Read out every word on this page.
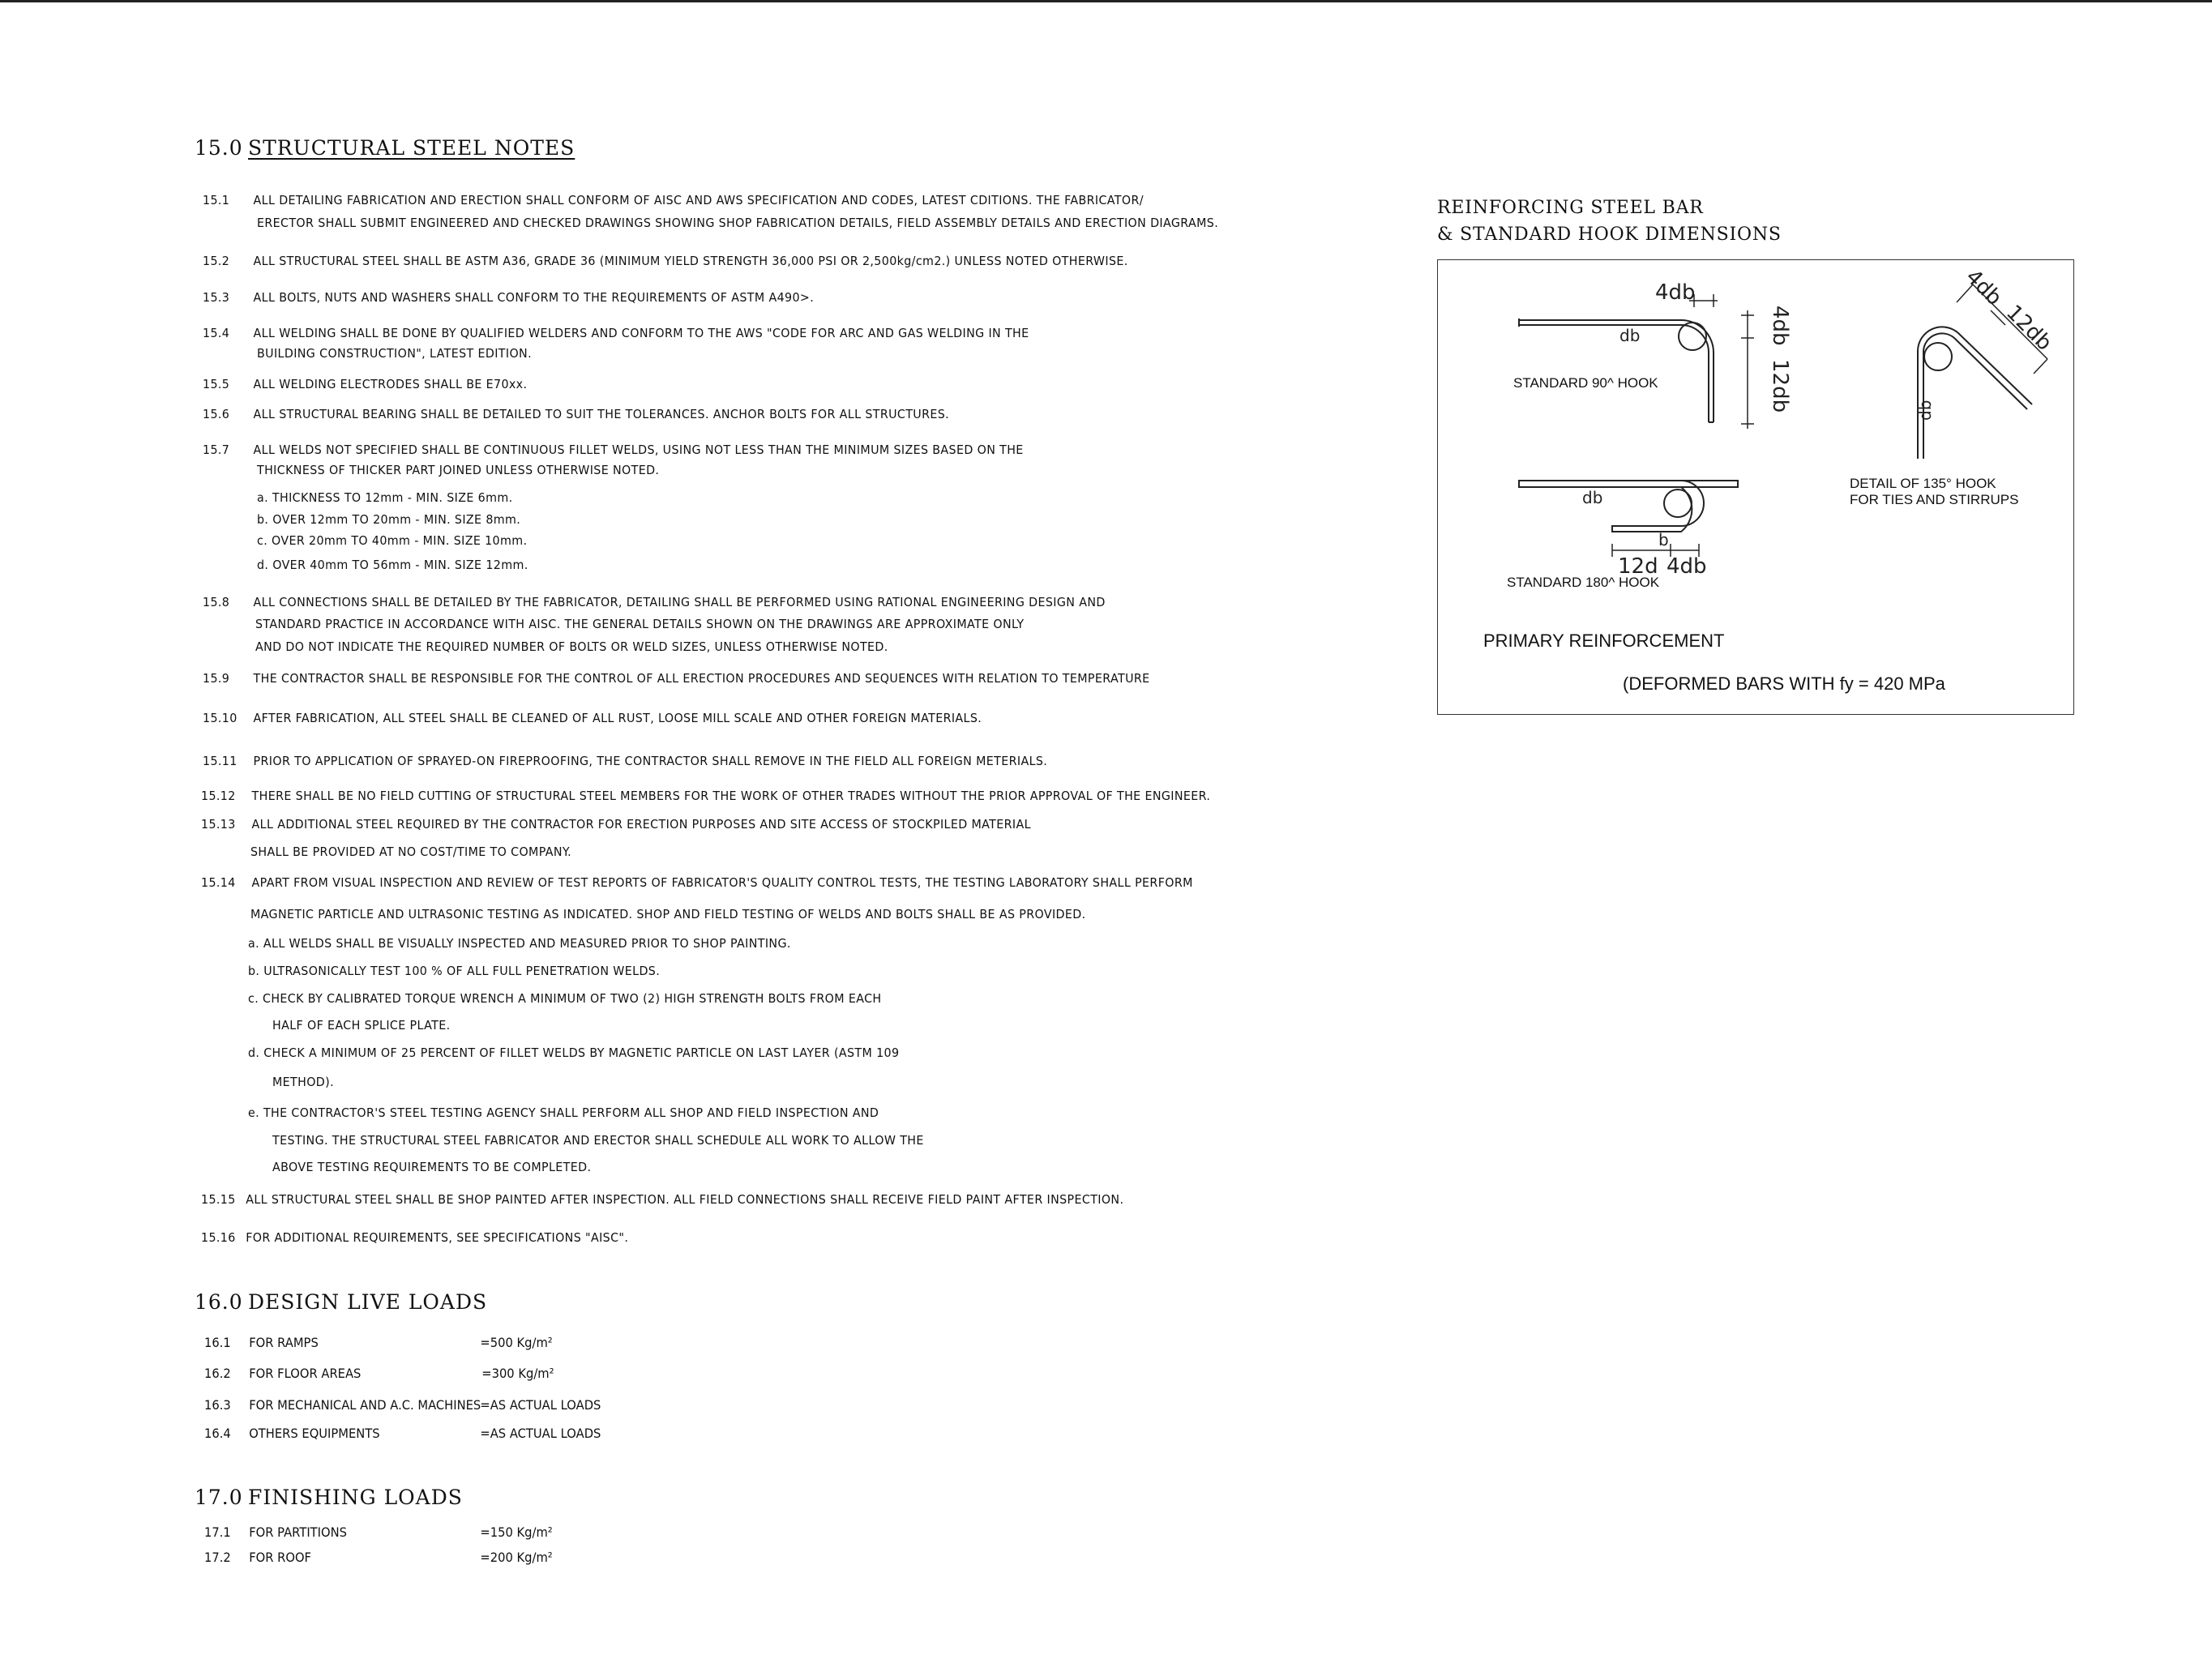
15.0 STRUCTURAL STEEL NOTES
15.1 ALL DETAILING FABRICATION AND ERECTION SHALL CONFORM OF AISC AND AWS SPECIFICATION AND CODES, LATEST CDITIONS. THE FABRICATOR/
ERECTOR SHALL SUBMIT ENGINEERED AND CHECKED DRAWINGS SHOWING SHOP FABRICATION DETAILS, FIELD ASSEMBLY DETAILS AND ERECTION DIAGRAMS.
15.2 ALL STRUCTURAL STEEL SHALL BE ASTM A36, GRADE 36 (MINIMUM YIELD STRENGTH 36,000 PSI OR 2,500kg/cm2.) UNLESS NOTED OTHERWISE.
15.3 ALL BOLTS, NUTS AND WASHERS SHALL CONFORM TO THE REQUIREMENTS OF ASTM A490>.
15.4 ALL WELDING SHALL BE DONE BY QUALIFIED WELDERS AND CONFORM TO THE AWS "CODE FOR ARC AND GAS WELDING IN THE
BUILDING CONSTRUCTION", LATEST EDITION.
15.5 ALL WELDING ELECTRODES SHALL BE E70xx.
15.6 ALL STRUCTURAL BEARING SHALL BE DETAILED TO SUIT THE TOLERANCES. ANCHOR BOLTS FOR ALL STRUCTURES.
15.7 ALL WELDS NOT SPECIFIED SHALL BE CONTINUOUS FILLET WELDS, USING NOT LESS THAN THE MINIMUM SIZES BASED ON THE
THICKNESS OF THICKER PART JOINED UNLESS OTHERWISE NOTED.
a. THICKNESS TO 12mm - MIN. SIZE 6mm.
b. OVER 12mm TO 20mm - MIN. SIZE 8mm.
c. OVER 20mm TO 40mm - MIN. SIZE 10mm.
d. OVER 40mm TO 56mm - MIN. SIZE 12mm.
15.8 ALL CONNECTIONS SHALL BE DETAILED BY THE FABRICATOR, DETAILING SHALL BE PERFORMED USING RATIONAL ENGINEERING DESIGN AND
STANDARD PRACTICE IN ACCORDANCE WITH AISC. THE GENERAL DETAILS SHOWN ON THE DRAWINGS ARE APPROXIMATE ONLY
AND DO NOT INDICATE THE REQUIRED NUMBER OF BOLTS OR WELD SIZES, UNLESS OTHERWISE NOTED.
15.9 THE CONTRACTOR SHALL BE RESPONSIBLE FOR THE CONTROL OF ALL ERECTION PROCEDURES AND SEQUENCES WITH RELATION TO TEMPERATURE
15.10 AFTER FABRICATION, ALL STEEL SHALL BE CLEANED OF ALL RUST, LOOSE MILL SCALE AND OTHER FOREIGN MATERIALS.
15.11 PRIOR TO APPLICATION OF SPRAYED-ON FIREPROOFING, THE CONTRACTOR SHALL REMOVE IN THE FIELD ALL FOREIGN METERIALS.
15.12 THERE SHALL BE NO FIELD CUTTING OF STRUCTURAL STEEL MEMBERS FOR THE WORK OF OTHER TRADES WITHOUT THE PRIOR APPROVAL OF THE ENGINEER.
15.13 ALL ADDITIONAL STEEL REQUIRED BY THE CONTRACTOR FOR ERECTION PURPOSES AND SITE ACCESS OF STOCKPILED MATERIAL
SHALL BE PROVIDED AT NO COST/TIME TO COMPANY.
15.14 APART FROM VISUAL INSPECTION AND REVIEW OF TEST REPORTS OF FABRICATOR'S QUALITY CONTROL TESTS, THE TESTING LABORATORY SHALL PERFORM
MAGNETIC PARTICLE AND ULTRASONIC TESTING AS INDICATED. SHOP AND FIELD TESTING OF WELDS AND BOLTS SHALL BE AS PROVIDED.
a. ALL WELDS SHALL BE VISUALLY INSPECTED AND MEASURED PRIOR TO SHOP PAINTING.
b. ULTRASONICALLY TEST 100 % OF ALL FULL PENETRATION WELDS.
c. CHECK BY CALIBRATED TORQUE WRENCH A MINIMUM OF TWO (2) HIGH STRENGTH BOLTS FROM EACH
HALF OF EACH SPLICE PLATE.
d. CHECK A MINIMUM OF 25 PERCENT OF FILLET WELDS BY MAGNETIC PARTICLE ON LAST LAYER (ASTM 109
METHOD).
e. THE CONTRACTOR'S STEEL TESTING AGENCY SHALL PERFORM ALL SHOP AND FIELD INSPECTION AND
TESTING. THE STRUCTURAL STEEL FABRICATOR AND ERECTOR SHALL SCHEDULE ALL WORK TO ALLOW THE
ABOVE TESTING REQUIREMENTS TO BE COMPLETED.
15.15 ALL STRUCTURAL STEEL SHALL BE SHOP PAINTED AFTER INSPECTION. ALL FIELD CONNECTIONS SHALL RECEIVE FIELD PAINT AFTER INSPECTION.
15.16 FOR ADDITIONAL REQUIREMENTS, SEE SPECIFICATIONS "AISC".
16.0 DESIGN LIVE LOADS
16.1 FOR RAMPS	=500 Kg/m²
16.2 FOR FLOOR AREAS	=300 Kg/m²
16.3 FOR MECHANICAL AND A.C. MACHINES =AS ACTUAL LOADS
16.4 OTHERS EQUIPMENTS	=AS ACTUAL LOADS
17.0 FINISHING LOADS
17.1 FOR PARTITIONS	=150 Kg/m²
17.2 FOR ROOF	=200 Kg/m²
REINFORCING STEEL BAR
& STANDARD HOOK DIMENSIONS
4db
db	4db
12db
db
12d
b
4db
4db
12db
db
STANDARD 90^ HOOK
STANDARD 180^ HOOK
DETAIL OF 135° HOOK
FOR TIES AND STIRRUPS
PRIMARY REINFORCEMENT
(DEFORMED BARS WITH fy = 420 MPa
